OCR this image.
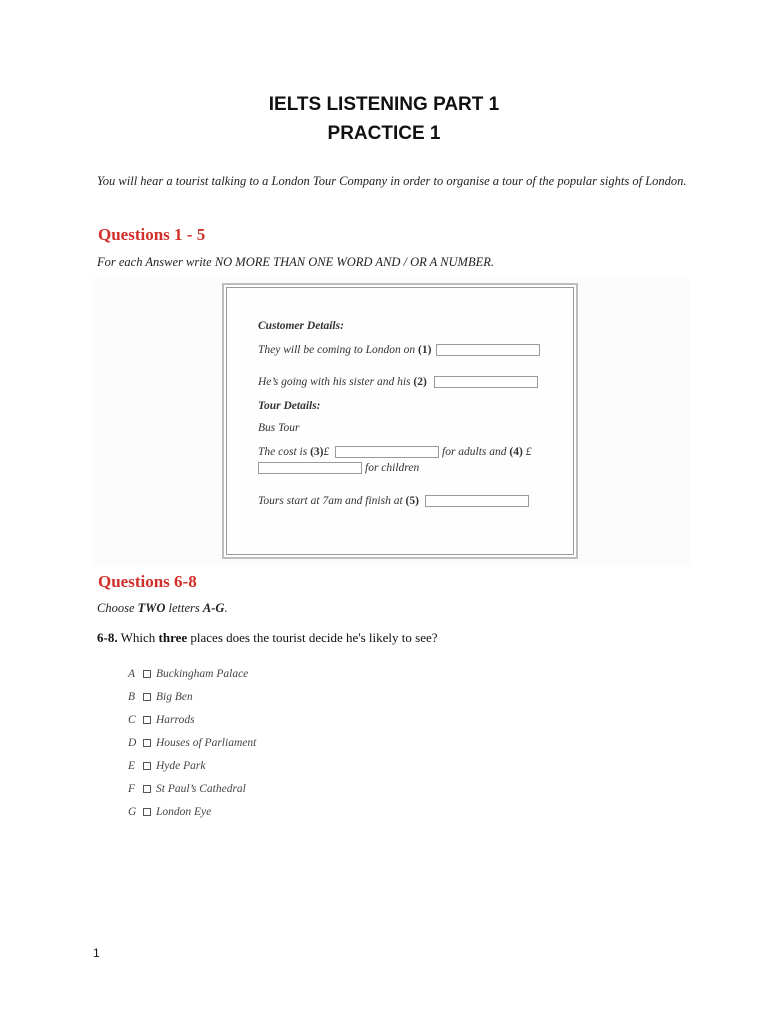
IELTS LISTENING PART 1
PRACTICE 1
You will hear a tourist talking to a London Tour Company in order to organise a tour of the popular sights of London.
Questions 1 - 5
For each Answer write NO MORE THAN ONE WORD AND / OR A NUMBER.
Customer Details:
They will be coming to London on (1)
He’s going with his sister and his (2)
Tour Details:
Bus Tour
The cost is (3)£	for adults and (4) £
for children
Tours start at 7am and finish at (5)
Questions 6-8
Choose TWO letters A-G.
6-8. Which three places does the tourist decide he's likely to see?
A	Buckingham Palace
B	Big Ben
C	Harrods
D	Houses of Parliament
E	Hyde Park
F	St Paul’s Cathedral
G	London Eye
1
